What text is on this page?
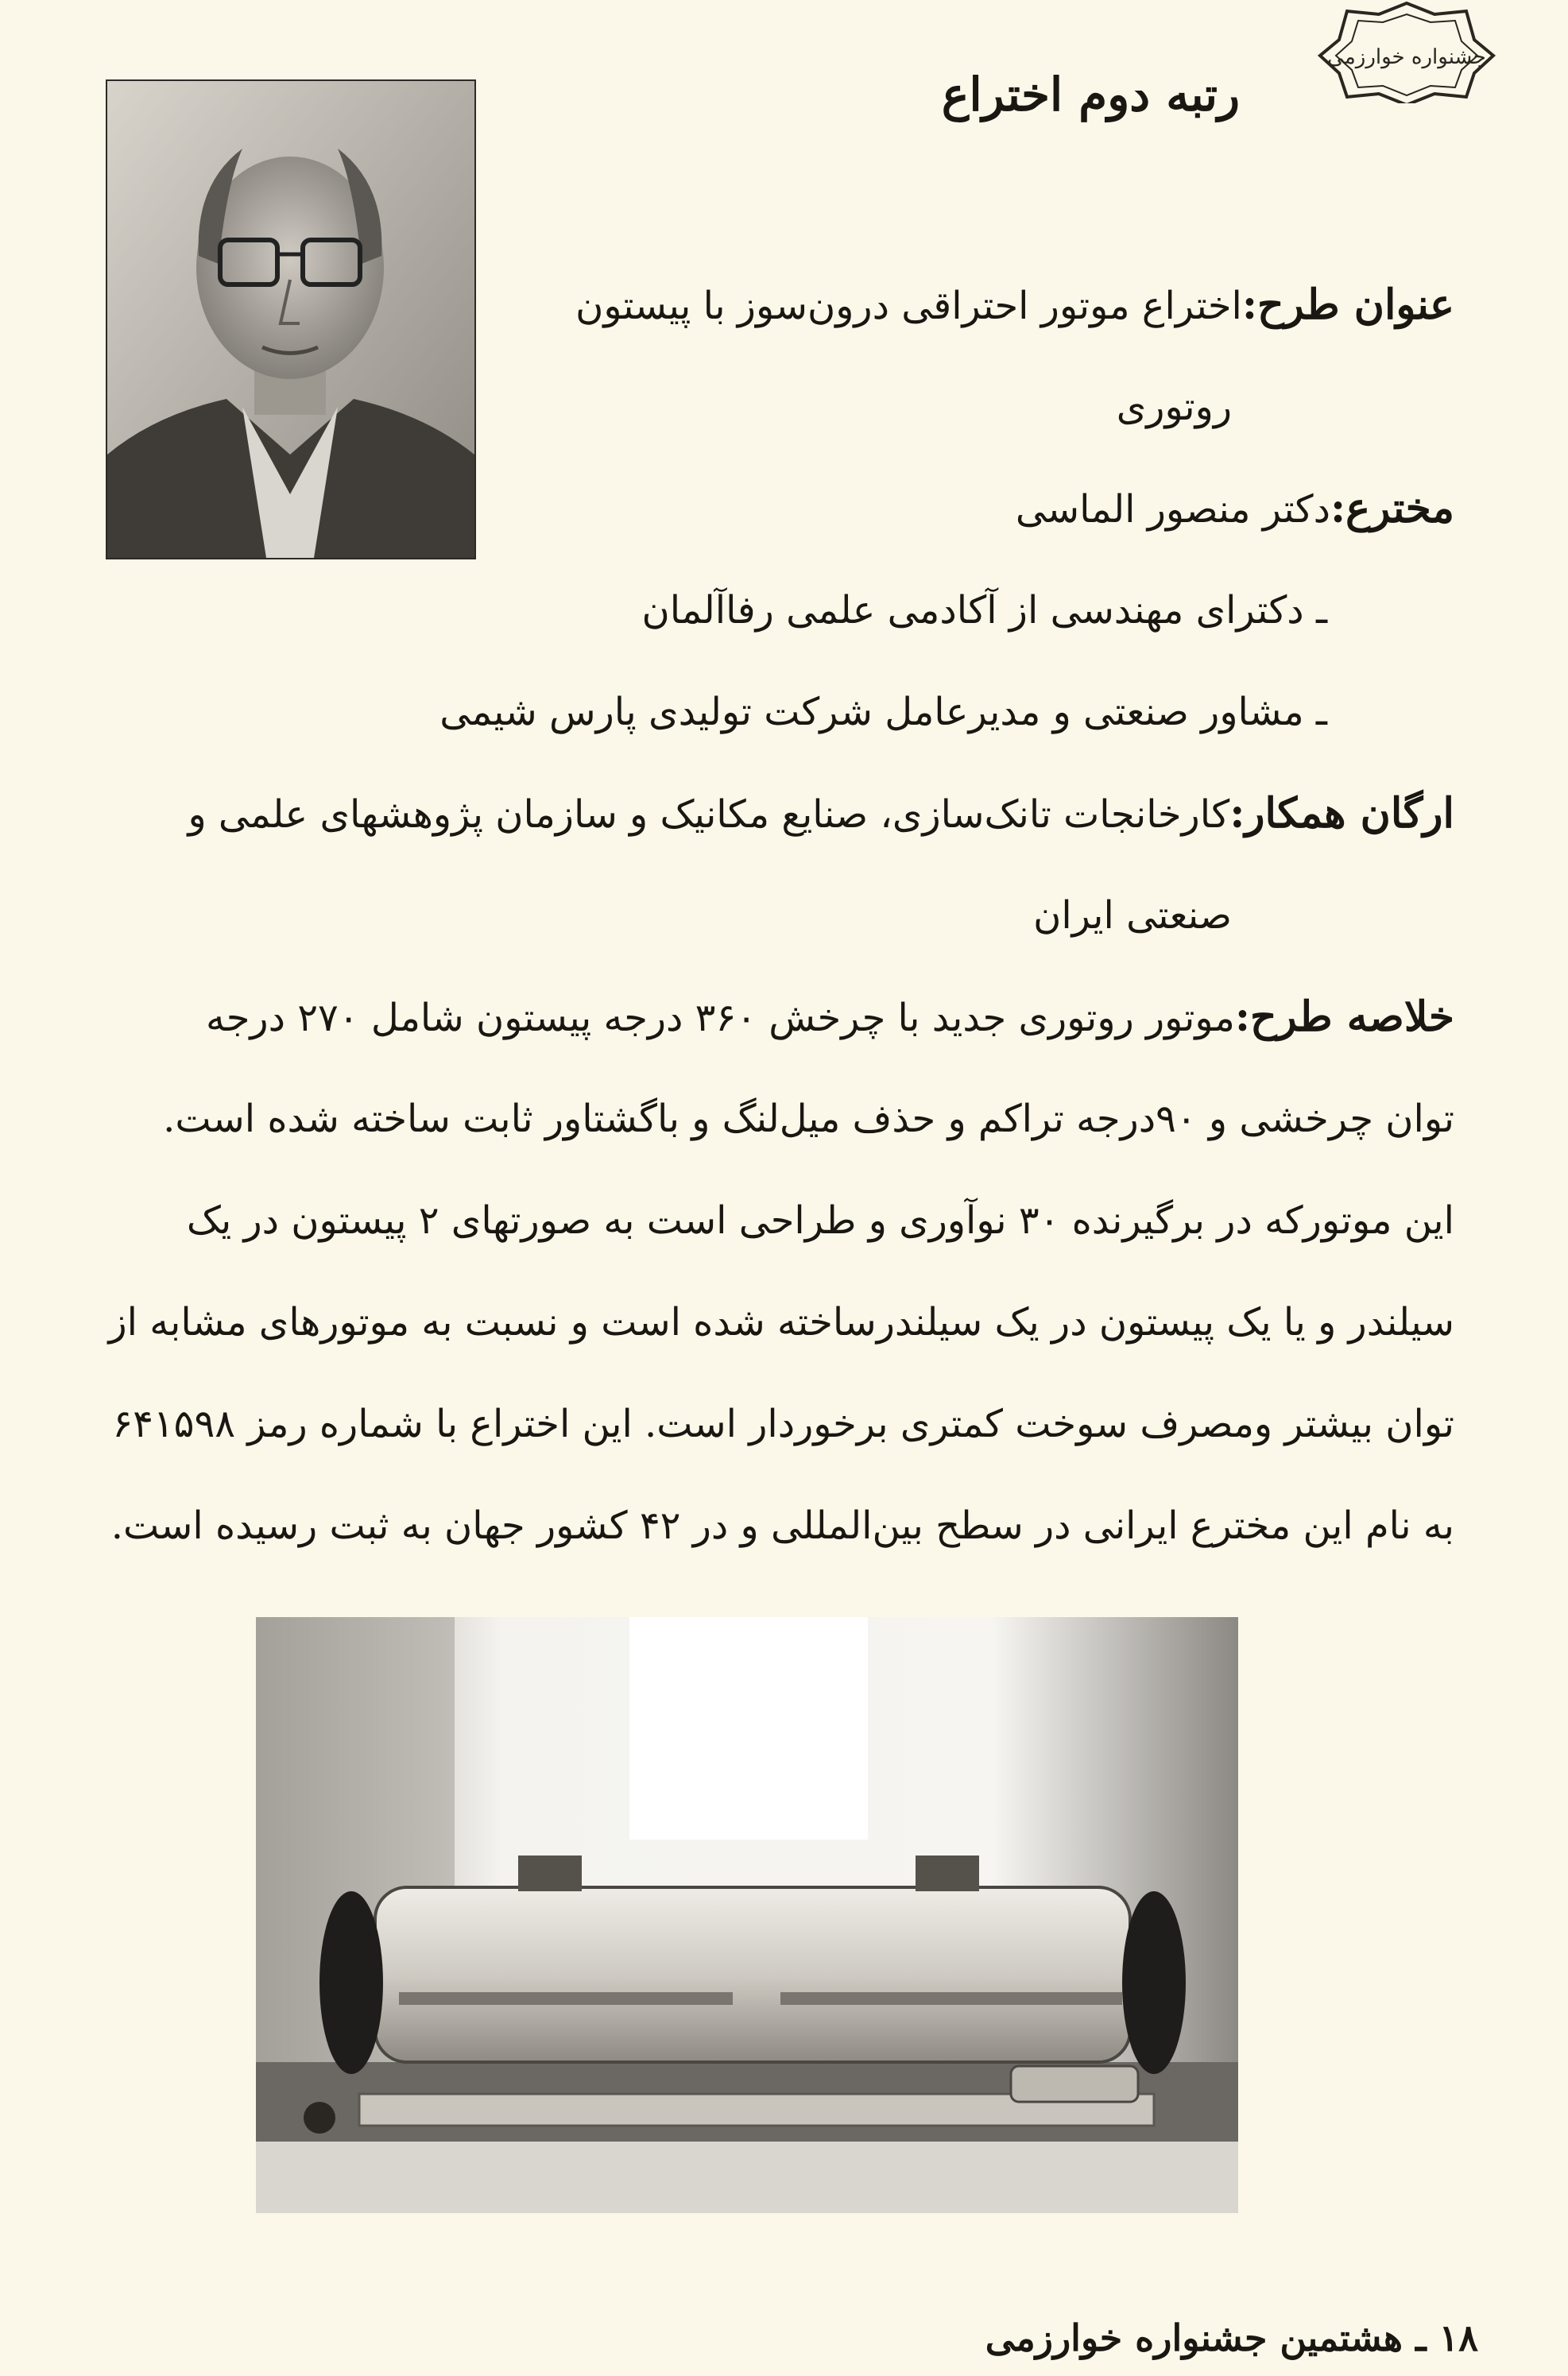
جشنواره خوارزمی
رتبه دوم اختراع
عنوان طرح:اختراع موتور احتراقی درون‌سوز با پیستون
روتوری
مخترع:دکتر منصور الماسی
ـ دکترای مهندسی از آکادمی علمی رفاآلمان
ـ مشاور صنعتی و مدیرعامل شرکت تولیدی پارس شیمی
ارگان همکار:کارخانجات تانک‌سازی، صنایع مکانیک و سازمان پژوهشهای علمی و
صنعتی ایران
خلاصه طرح:موتور روتوری جدید با چرخش ۳۶۰ درجه پیستون شامل ۲۷۰ درجه
توان چرخشی و ۹۰درجه تراکم و حذف میل‌لنگ و باگشتاور ثابت ساخته شده است.
این موتورکه در برگیرنده ۳۰ نوآوری و طراحی است به صورتهای ۲ پیستون در یک
سیلندر و یا یک پیستون در یک سیلندرساخته شده است و نسبت به موتورهای مشابه از
توان بیشتر ومصرف سوخت کمتری برخوردار است. این اختراع با شماره رمز ۶۴۱۵۹۸
به نام این مخترع ایرانی در سطح بین‌المللی و در ۴۲ کشور جهان به ثبت رسیده است.
۱۸ ـ هشتمین جشنواره خوارزمی
